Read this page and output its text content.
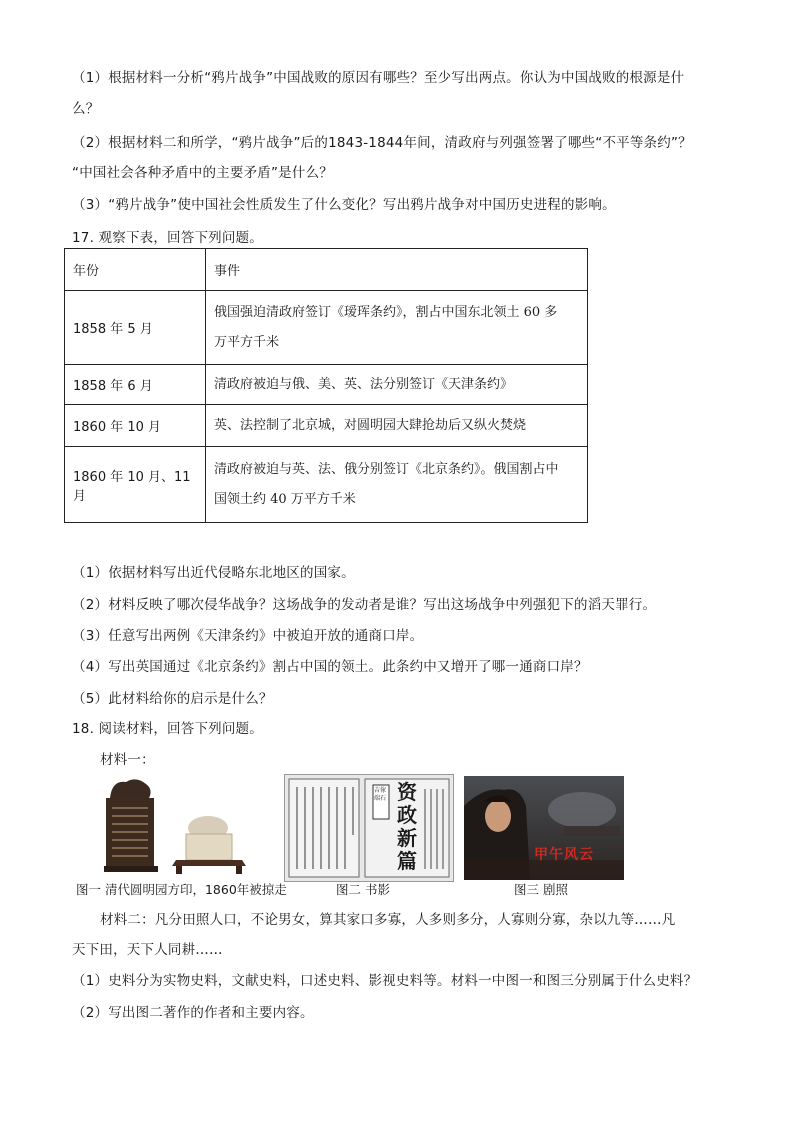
（1）根据材料一分析“鸦片战争”中国战败的原因有哪些？至少写出两点。你认为中国战败的根源是什
么？
（2）根据材料二和所学，“鸦片战争”后的1843-1844年间，清政府与列强签署了哪些“不平等条约”？
“中国社会各种矛盾中的主要矛盾”是什么？
（3）“鸦片战争”使中国社会性质发生了什么变化？写出鸦片战争对中国历史进程的影响。
17. 观察下表，回答下列问题。
年份	事件
1858 年 5 月	俄国强迫清政府签订《瑷珲条约》，割占中国东北领土 60 多
万平方千米

1858 年 6 月	清政府被迫与俄、美、英、法分别签订《天津条约》
1860 年 10 月	英、法控制了北京城，对圆明园大肆抢劫后又纵火焚烧
1860 年 10 月、11 月	清政府被迫与英、法、俄分别签订《北京条约》。俄国割占中
国领土约 40 万平方千米
（1）依据材料写出近代侵略东北地区的国家。
（2）材料反映了哪次侵华战争？这场战争的发动者是谁？写出这场战争中列强犯下的滔天罪行。
（3）任意写出两例《天津条约》中被迫开放的通商口岸。
（4）写出英国通过《北京条约》割占中国的领土。此条约中又增开了哪一通商口岸？
（5）此材料给你的启示是什么？
18. 阅读材料，回答下列问题。
材料一：
吉傢端石 资政新篇	甲午风云
图一 清代圆明园方印，1860年被掠走	图二 书影	图三 剧照
材料二：凡分田照人口，不论男女，算其家口多寡，人多则多分，人寡则分寡，杂以九等……凡
天下田，天下人同耕……
（1）史料分为实物史料，文献史料，口述史料、影视史料等。材料一中图一和图三分别属于什么史料？
（2）写出图二著作的作者和主要内容。
